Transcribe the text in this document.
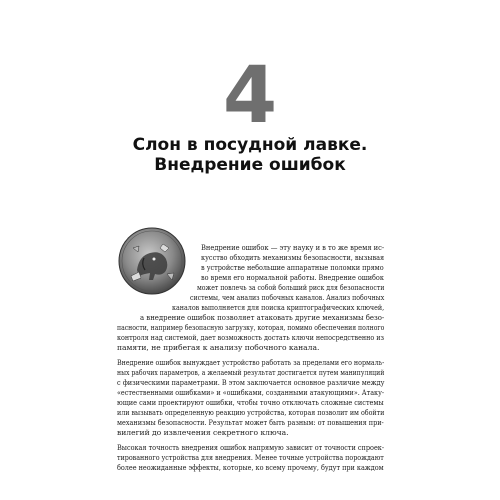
4
Слон в посудной лавке.
Внедрение ошибок
Внедрение ошибок — эту науку и в то же время ис-
кусство обходить механизмы безопасности, вызывая
в устройстве небольшие аппаратные поломки прямо
во время его нормальной работы. Внедрение ошибок
может повлечь за собой больший риск для безопасности
системы, чем анализ побочных каналов. Анализ побочных
каналов выполняется для поиска криптографических ключей,
а внедрение ошибок позволяет атаковать другие механизмы безо-
пасности, например безопасную загрузку, которая, помимо обеспечения полного
контроля над системой, дает возможность достать ключи непосредственно из
памяти, не прибегая к анализу побочного канала.
Внедрение ошибок вынуждает устройство работать за пределами его нормаль-
ных рабочих параметров, а желаемый результат достигается путем манипуляций
с физическими параметрами. В этом заключается основное различие между
«естественными ошибками» и «ошибками, созданными атакующими». Атаку-
ющие сами проектируют ошибки, чтобы точно отключать сложные системы
или вызывать определенную реакцию устройства, которая позволит им обойти
механизмы безопасности. Результат может быть разным: от повышения при-
вилегий до извлечения секретного ключа.
Высокая точность внедрения ошибок напрямую зависит от точности спроек-
тированного устройства для внедрения. Менее точные устройства порождают
более неожиданные эффекты, которые, ко всему прочему, будут при каждом
